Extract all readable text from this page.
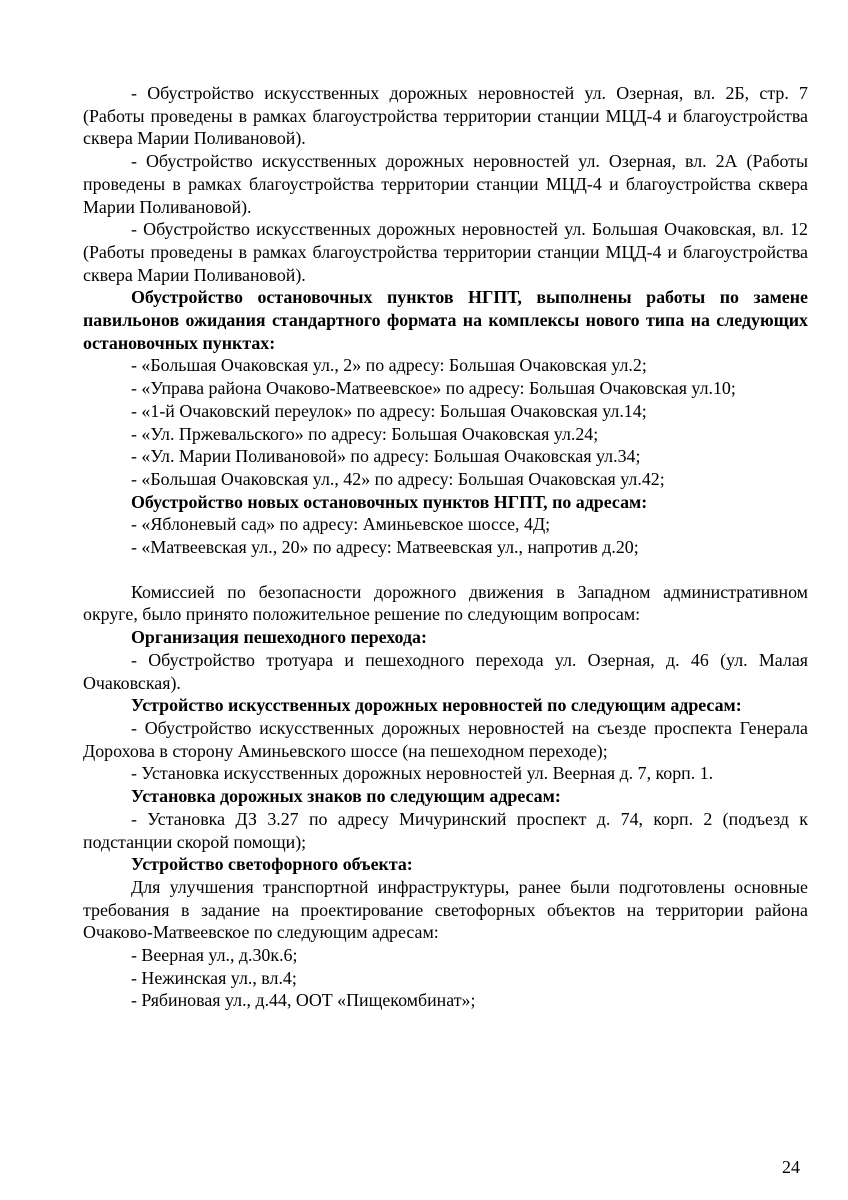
- Обустройство искусственных дорожных неровностей ул. Озерная, вл. 2Б, стр. 7 (Работы проведены в рамках благоустройства территории станции МЦД-4 и благоустройства сквера Марии Поливановой).

- Обустройство искусственных дорожных неровностей ул. Озерная, вл. 2А (Работы проведены в рамках благоустройства территории станции МЦД-4 и благоустройства сквера Марии Поливановой).

- Обустройство искусственных дорожных неровностей ул. Большая Очаковская, вл. 12 (Работы проведены в рамках благоустройства территории станции МЦД-4 и благоустройства сквера Марии Поливановой).

Обустройство остановочных пунктов НГПТ, выполнены работы по замене павильонов ожидания стандартного формата на комплексы нового типа на следующих остановочных пунктах:

- «Большая Очаковская ул., 2» по адресу: Большая Очаковская ул.2;

- «Управа района Очаково-Матвеевское» по адресу: Большая Очаковская ул.10;

- «1-й Очаковский переулок» по адресу: Большая Очаковская ул.14;

- «Ул. Пржевальского» по адресу: Большая Очаковская ул.24;

- «Ул. Марии Поливановой» по адресу: Большая Очаковская ул.34;

- «Большая Очаковская ул., 42» по адресу: Большая Очаковская ул.42;

Обустройство новых остановочных пунктов НГПТ, по адресам:

- «Яблоневый сад» по адресу: Аминьевское шоссе, 4Д;

- «Матвеевская ул., 20» по адресу: Матвеевская ул., напротив д.20;

Комиссией по безопасности дорожного движения в Западном административном округе, было принято положительное решение по следующим вопросам:

Организация пешеходного перехода:

- Обустройство тротуара и пешеходного перехода ул. Озерная, д. 46 (ул. Малая Очаковская).

Устройство искусственных дорожных неровностей по следующим адресам:

- Обустройство искусственных дорожных неровностей на съезде проспекта Генерала Дорохова в сторону Аминьевского шоссе (на пешеходном переходе);

- Установка искусственных дорожных неровностей ул. Веерная д. 7, корп. 1.

Установка дорожных знаков по следующим адресам:

- Установка ДЗ 3.27 по адресу Мичуринский проспект д. 74, корп. 2 (подъезд к подстанции скорой помощи);

Устройство светофорного объекта:

Для улучшения транспортной инфраструктуры, ранее были подготовлены основные требования в задание на проектирование светофорных объектов на территории района Очаково-Матвеевское по следующим адресам:

- Веерная ул., д.30к.6;

- Нежинская ул., вл.4;

- Рябиновая ул., д.44, ООТ «Пищекомбинат»;

24
